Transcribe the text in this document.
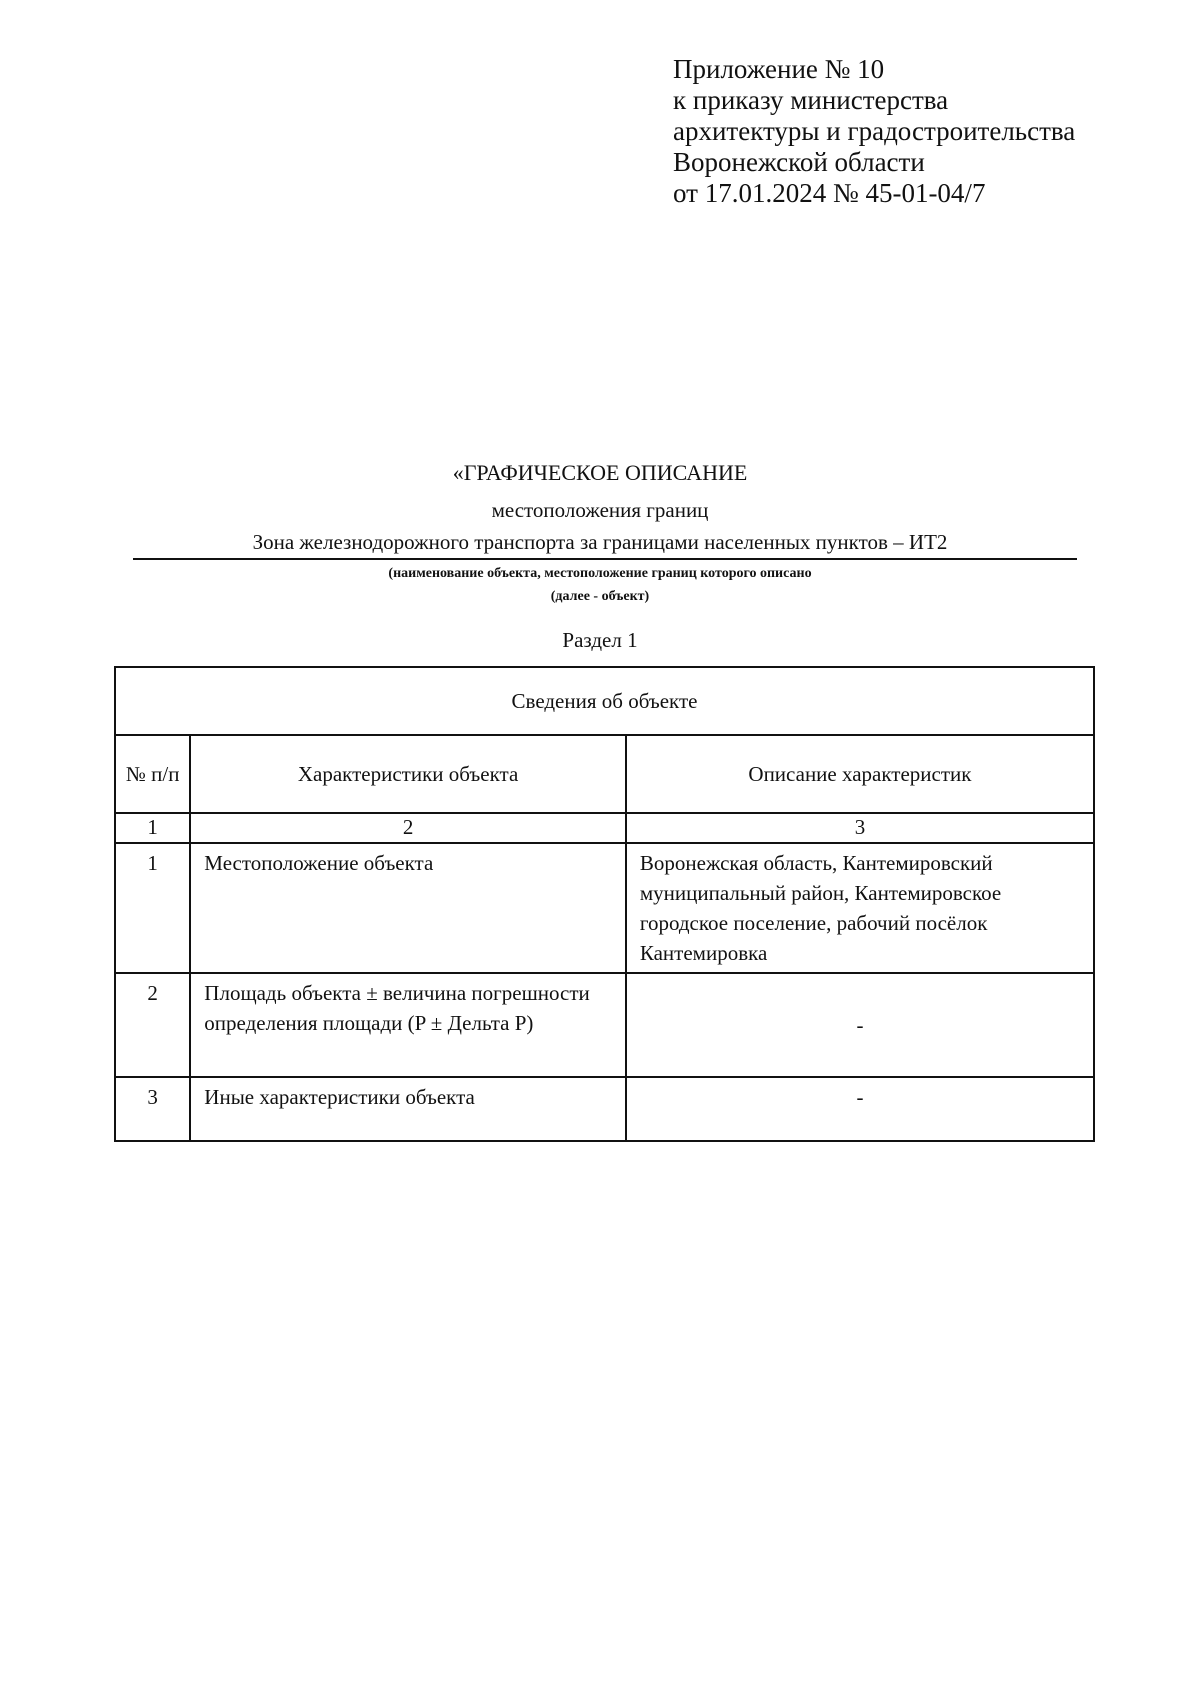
Приложение № 10
к приказу министерства
архитектуры и градостроительства
Воронежской области
от 17.01.2024 № 45-01-04/7
«ГРАФИЧЕСКОЕ ОПИСАНИЕ
местоположения границ
Зона железнодорожного транспорта за границами населенных пунктов – ИТ2
(наименование объекта, местоположение границ которого описано
(далее - объект)
Раздел 1
Сведения об объекте		
№ п/п	Характеристики объекта	Описание характеристик
1	2	3
1	Местоположение объекта	Воронежская область, Кантемировский муниципальный район, Кантемировское городское поселение, рабочий посёлок Кантемировка
2	Площадь объекта ± величина погрешности определения площади (P ± Дельта P)	-
3	Иные характеристики объекта	-
